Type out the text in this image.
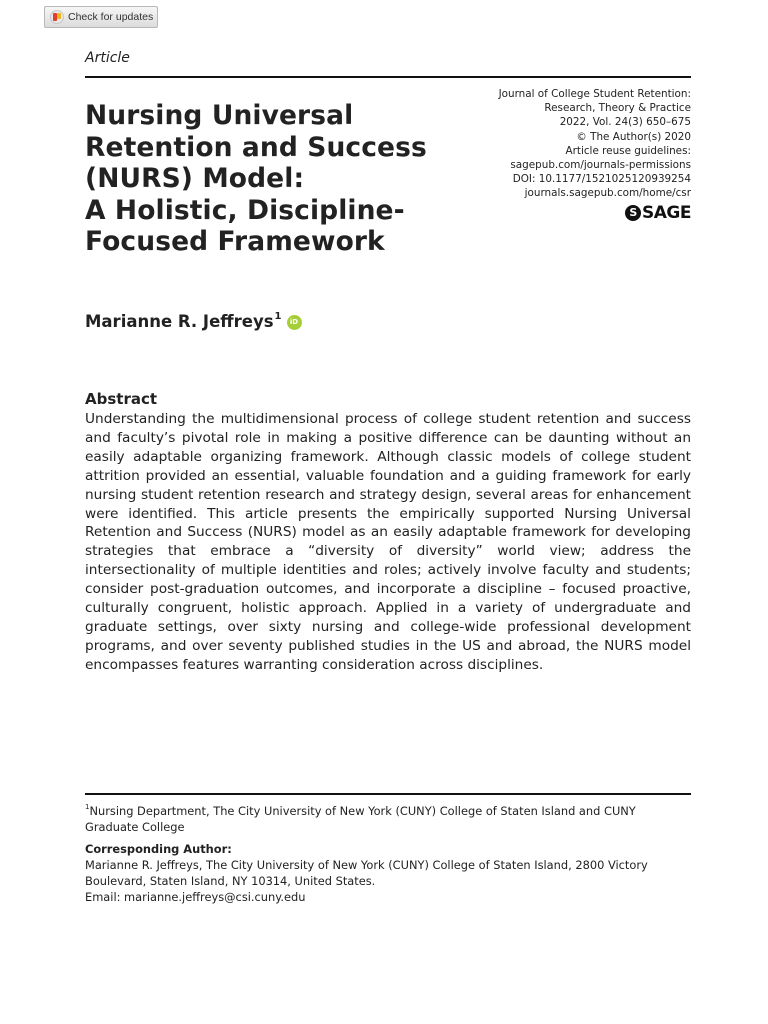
Check for updates
Article
Nursing Universal
Retention and Success
(NURS) Model:
A Holistic, Discipline-
Focused Framework
Journal of College Student Retention:
Research, Theory & Practice
2022, Vol. 24(3) 650–675
© The Author(s) 2020
Article reuse guidelines:
sagepub.com/journals-permissions
DOI: 10.1177/1521025120939254
journals.sagepub.com/home/csr
S SAGE
Marianne R. Jeffreys$^1$	iD
Abstract

Understanding the multidimensional process of college student retention and success and faculty’s pivotal role in making a positive difference can be daunting without an easily adaptable organizing framework. Although classic models of college student attrition provided an essential, valuable foundation and a guiding framework for early nursing student retention research and strategy design, several areas for enhancement were identified. This article presents the empirically supported Nursing Universal Retention and Success (NURS) model as an easily adaptable framework for developing strategies that embrace a “diversity of diversity” world view; address the intersectionality of multiple identities and roles; actively involve faculty and students; consider post-graduation outcomes, and incorporate a discipline – focused proactive, culturally congruent, holistic approach. Applied in a variety of undergraduate and graduate settings, over sixty nursing and college-wide professional development programs, and over seventy published studies in the US and abroad, the NURS model encompasses features warranting consideration across disciplines.

$^1$Nursing Department, The City University of New York (CUNY) College of Staten Island and CUNY Graduate College

Corresponding Author:

Marianne R. Jeffreys, The City University of New York (CUNY) College of Staten Island, 2800 Victory Boulevard, Staten Island, NY 10314, United States.

Email: marianne.jeffreys@csi.cuny.edu
